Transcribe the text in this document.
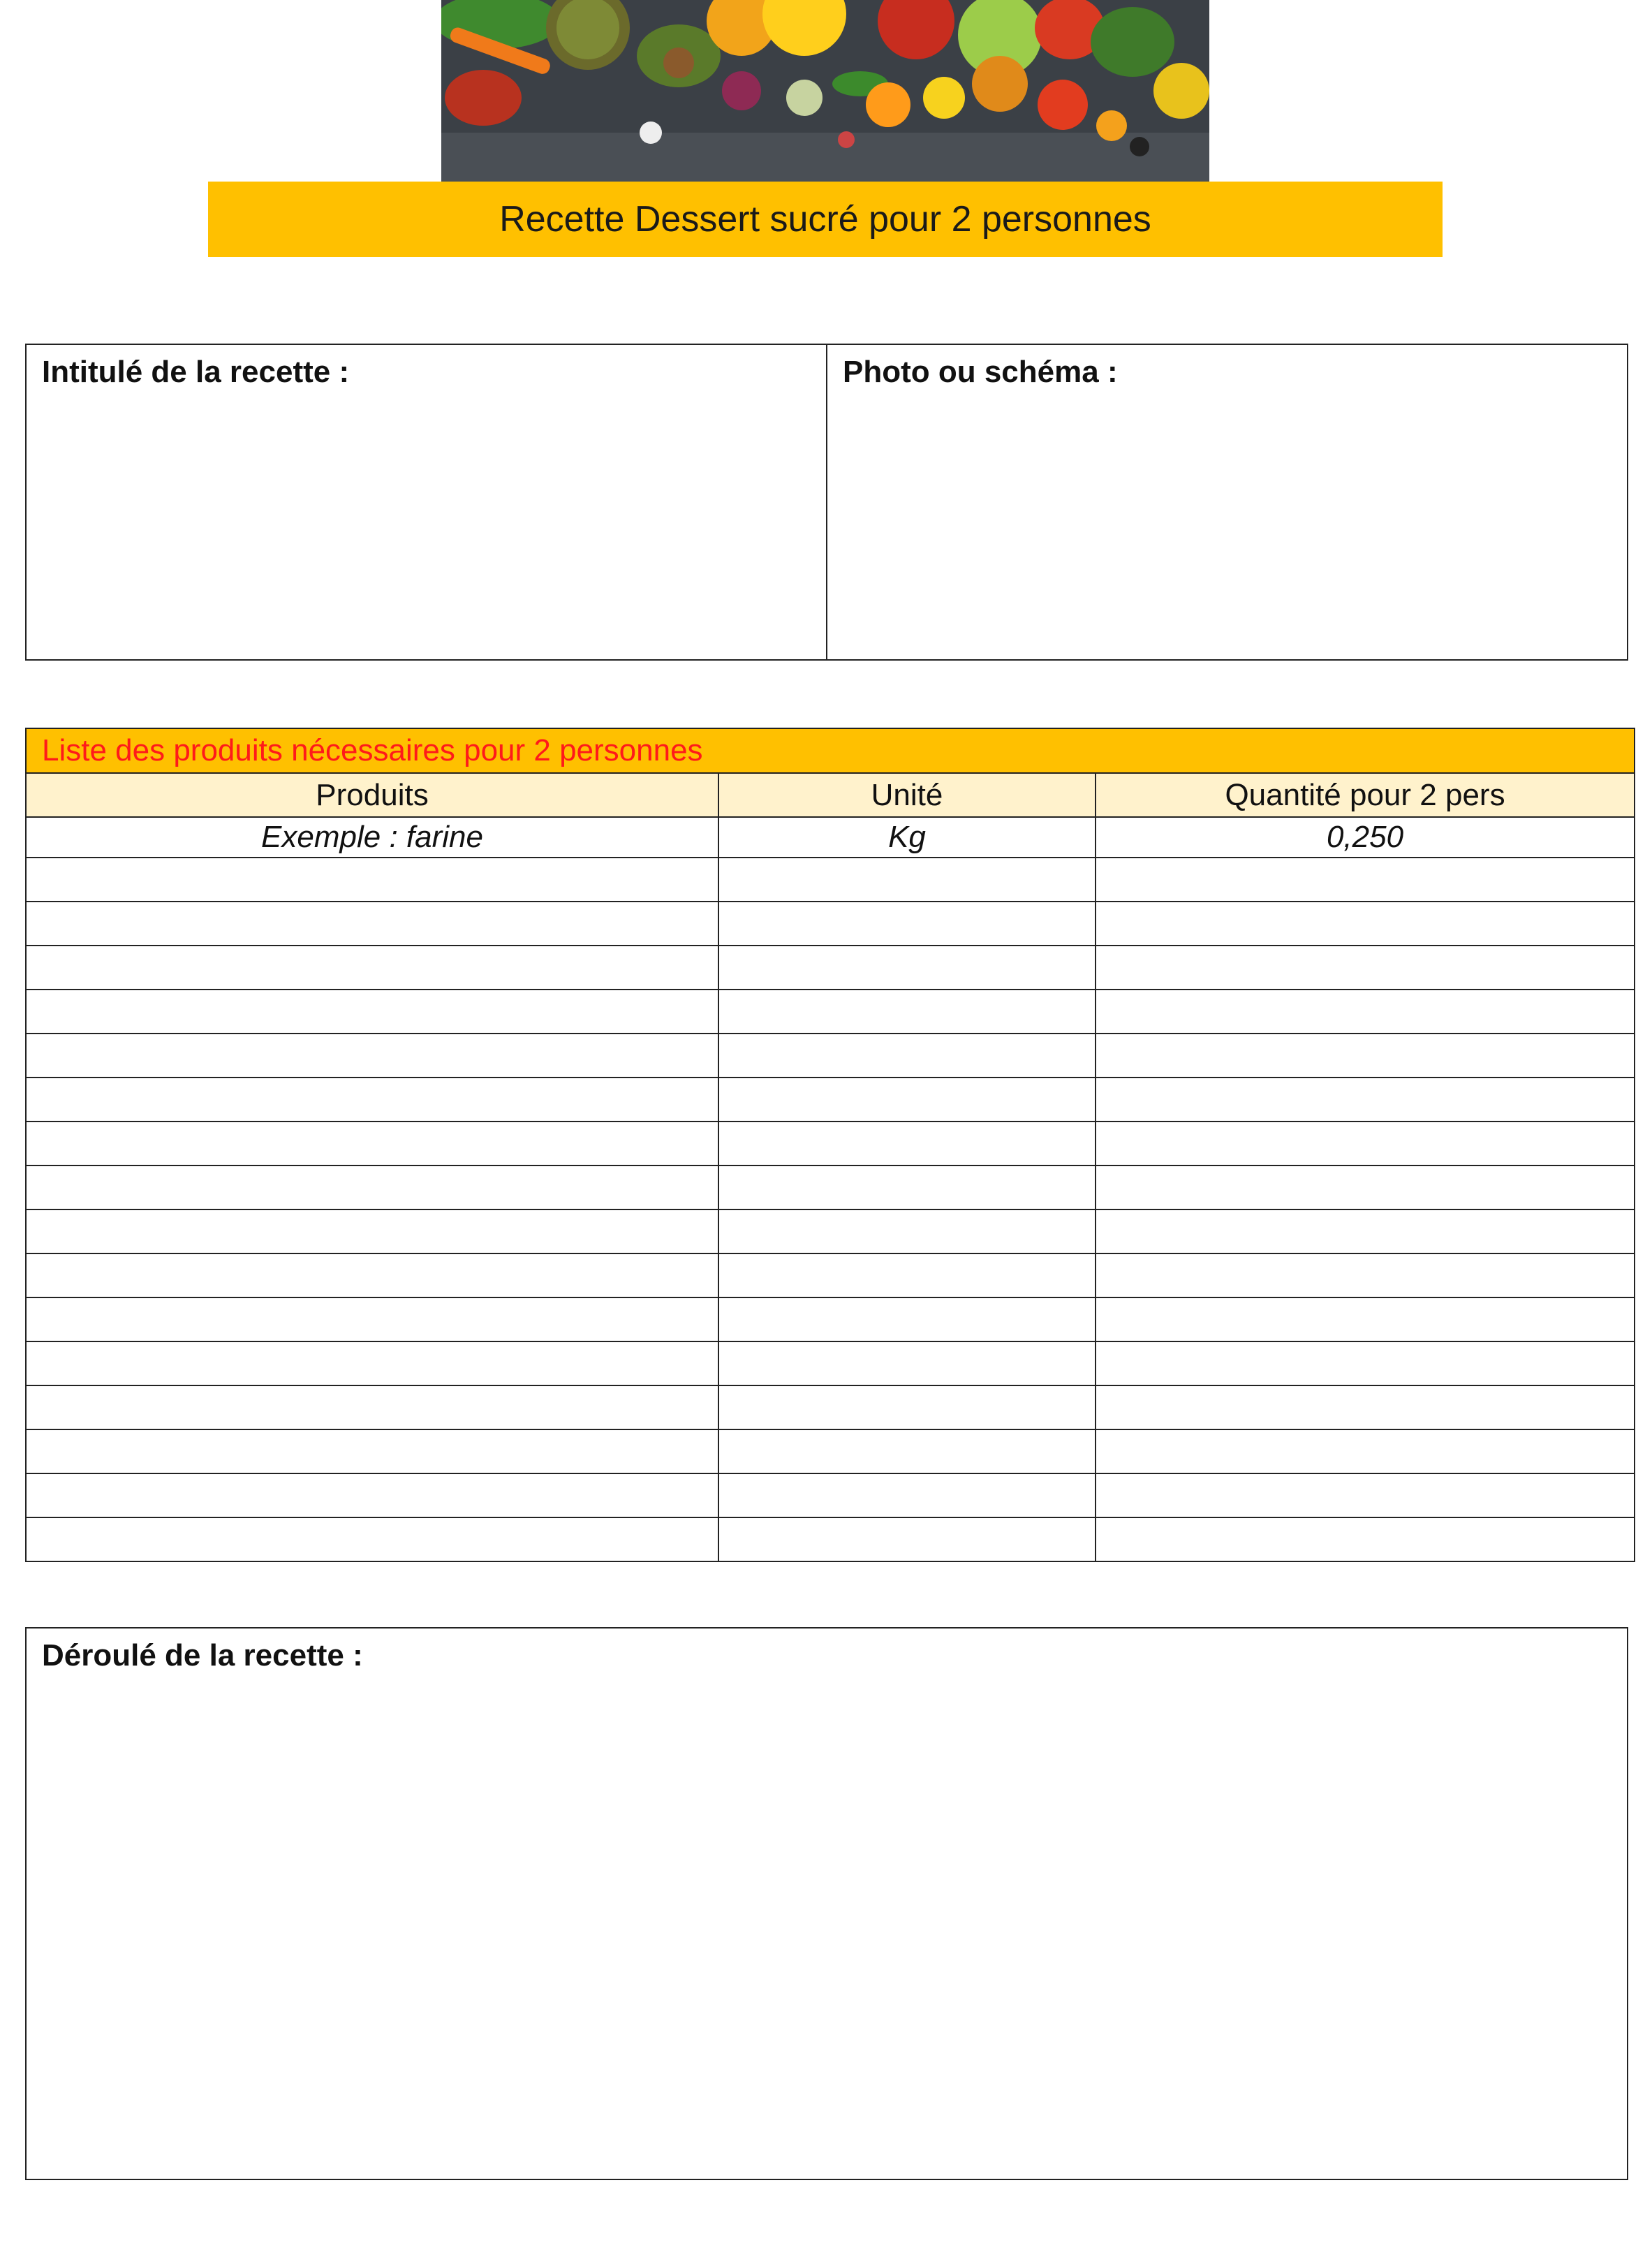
Recette Dessert sucré pour 2 personnes
Intitulé de la recette :	Photo ou schéma :
Liste des produits nécessaires pour 2 personnes		
Produits	Unité	Quantité pour 2 pers
Exemple : farine	Kg	0,250

Déroulé de la recette :
